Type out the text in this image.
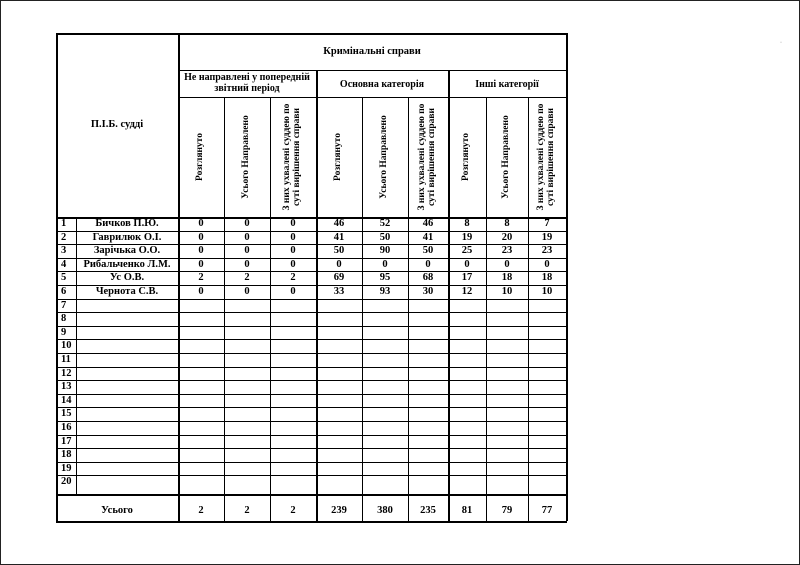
·
П.І.Б. судді
Кримінальні справи
Не направлені у попередній звітний період	Основна категорія	Інші категорії
Розглянуто	Усього Направлено	З них ухвалені суддею по суті вирішення справи	Розглянуто	Усього Направлено	З них ухвалені суддею по суті вирішення справи	Розглянуто	Усього Направлено	З них ухвалені суддею по суті вирішення справи
1	Бичков П.Ю.	0	0	0	46	52	46	8	8	7
2	Гаврилюк О.І.	0	0	0	41	50	41	19	20	19
3	Зарічька О.О.	0	0	0	50	90	50	25	23	23
4	Рибальченко Л.М.	0	0	0	0	0	0	0	0	0
5	Ус О.В.	2	2	2	69	95	68	17	18	18
6	Чернота С.В.	0	0	0	33	93	30	12	10	10
7
8
9
10
11
12
13
14
15
16
17
18
19
20
Усього	2	2	2	239	380	235	81	79	77
